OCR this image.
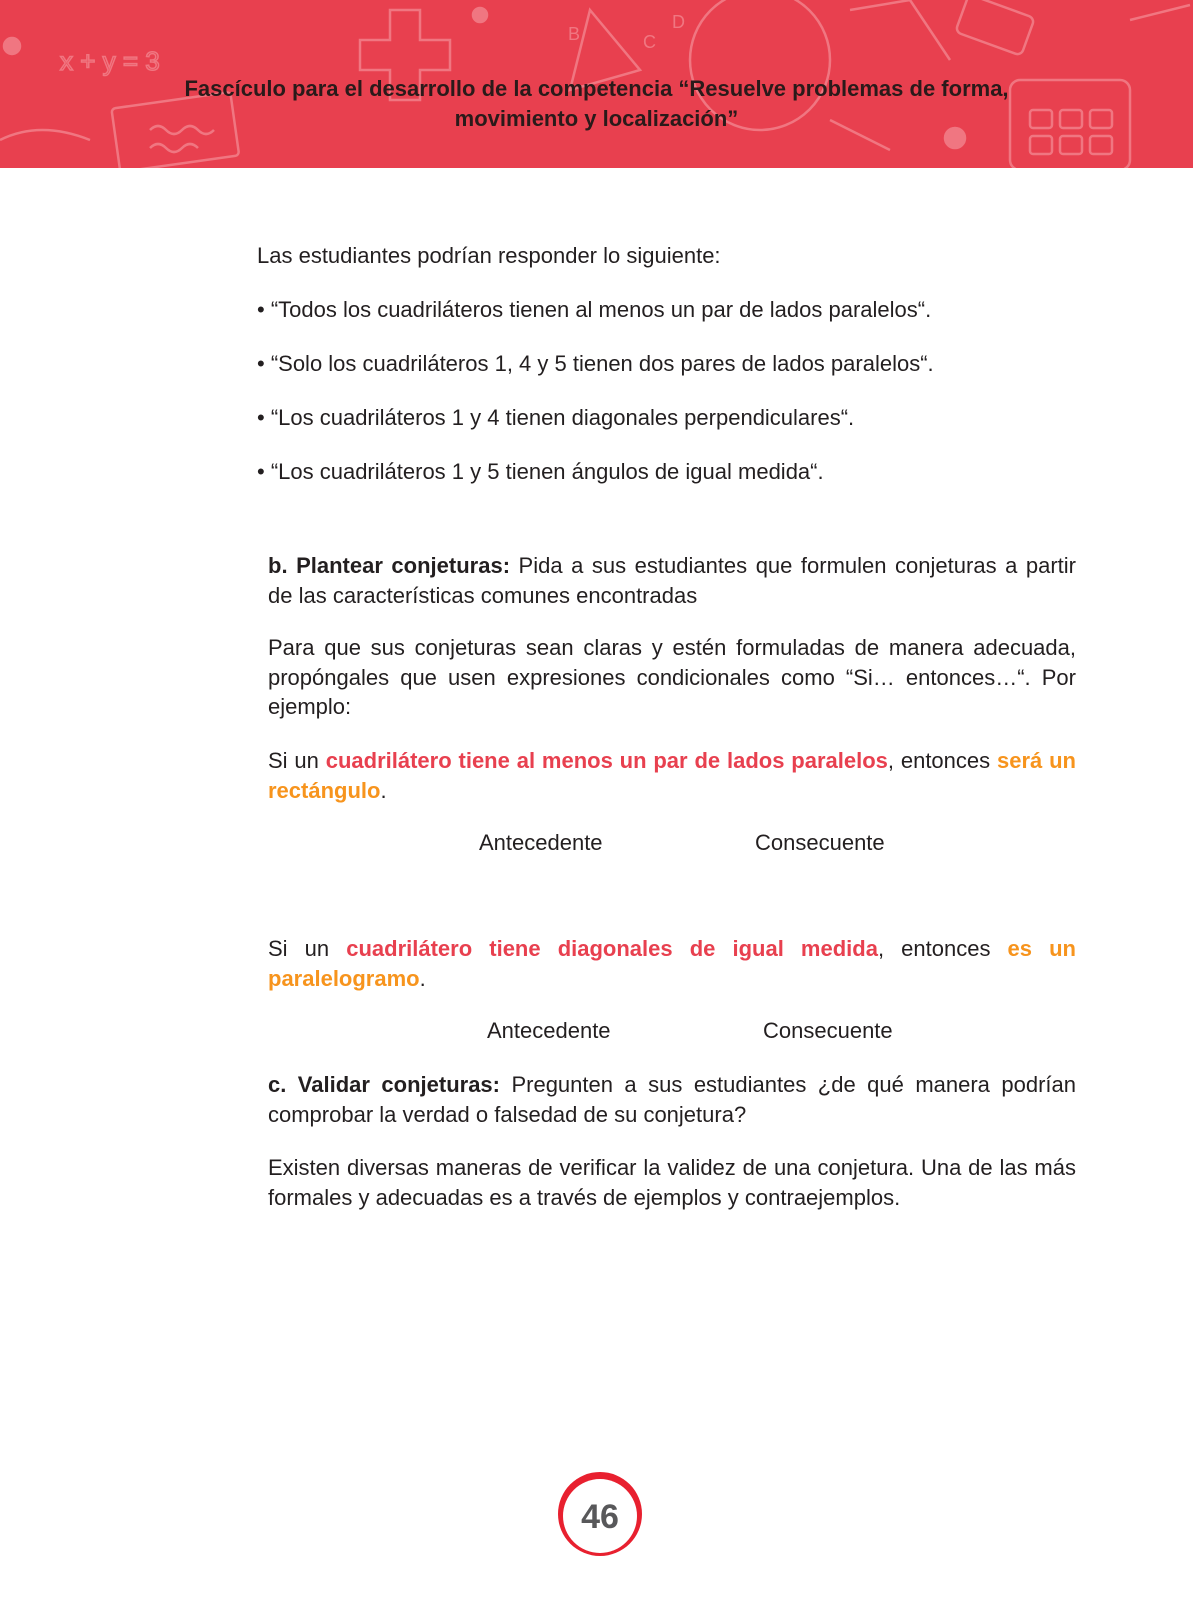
x + y = 3
B	C
D
Fascículo para el desarrollo de la competencia “Resuelve problemas de forma,
movimiento y localización”
Las estudiantes podrían responder lo siguiente:
• “Todos los cuadriláteros tienen al menos un par de lados paralelos“.
• “Solo los cuadriláteros 1, 4 y 5 tienen dos pares de lados paralelos“.
• “Los cuadriláteros 1 y 4 tienen diagonales perpendiculares“.
• “Los cuadriláteros 1 y 5 tienen ángulos de igual medida“.
b. Plantear conjeturas: Pida a sus estudiantes que formulen conjeturas a partir de las características comunes encontradas
Para que sus conjeturas sean claras y estén formuladas de manera adecuada, propóngales que usen expresiones condicionales como “Si… entonces…“. Por ejemplo:
Si un cuadrilátero tiene al menos un par de lados paralelos, entonces será un rectángulo.
Antecedente	Consecuente
Si un cuadrilátero tiene diagonales de igual medida, entonces es un paralelogramo.
Antecedente	Consecuente
c. Validar conjeturas: Pregunten a sus estudiantes ¿de qué manera podrían comprobar la verdad o falsedad de su conjetura?
Existen diversas maneras de verificar la validez de una conjetura. Una de las más formales y adecuadas es a través de ejemplos y contraejemplos.
46
